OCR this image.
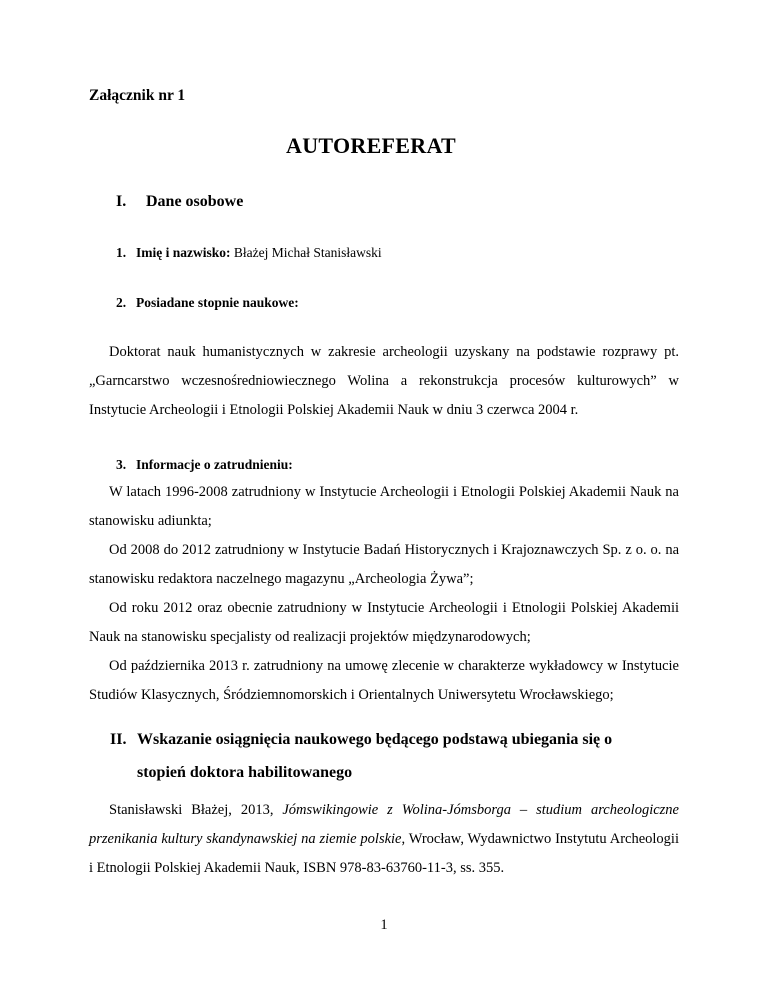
Załącznik nr 1
AUTOREFERAT
I. Dane osobowe
1. Imię i nazwisko: Błażej Michał Stanisławski
2. Posiadane stopnie naukowe:

Doktorat nauk humanistycznych w zakresie archeologii uzyskany na podstawie rozprawy pt. „Garncarstwo wczesnośredniowiecznego Wolina a rekonstrukcja procesów kulturowych” w Instytucie Archeologii i Etnologii Polskiej Akademii Nauk w dniu 3 czerwca 2004 r.

3. Informacje o zatrudnieniu:

W latach 1996-2008 zatrudniony w Instytucie Archeologii i Etnologii Polskiej Akademii Nauk na stanowisku adiunkta;

Od 2008 do 2012 zatrudniony w Instytucie Badań Historycznych i Krajoznawczych Sp. z o. o. na stanowisku redaktora naczelnego magazynu „Archeologia Żywa”;

Od roku 2012 oraz obecnie zatrudniony w Instytucie Archeologii i Etnologii Polskiej Akademii Nauk na stanowisku specjalisty od realizacji projektów międzynarodowych;

Od października 2013 r. zatrudniony na umowę zlecenie w charakterze wykładowcy w Instytucie Studiów Klasycznych, Śródziemnomorskich i Orientalnych Uniwersytetu Wrocławskiego;

II. Wskazanie osiągnięcia naukowego będącego podstawą ubiegania się o
stopień doktora habilitowanego

Stanisławski Błażej, 2013, Jómswikingowie z Wolina-Jómsborga – studium archeologiczne przenikania kultury skandynawskiej na ziemie polskie, Wrocław, Wydawnictwo Instytutu Archeologii i Etnologii Polskiej Akademii Nauk, ISBN 978-83-63760-11-3, ss. 355.

1
